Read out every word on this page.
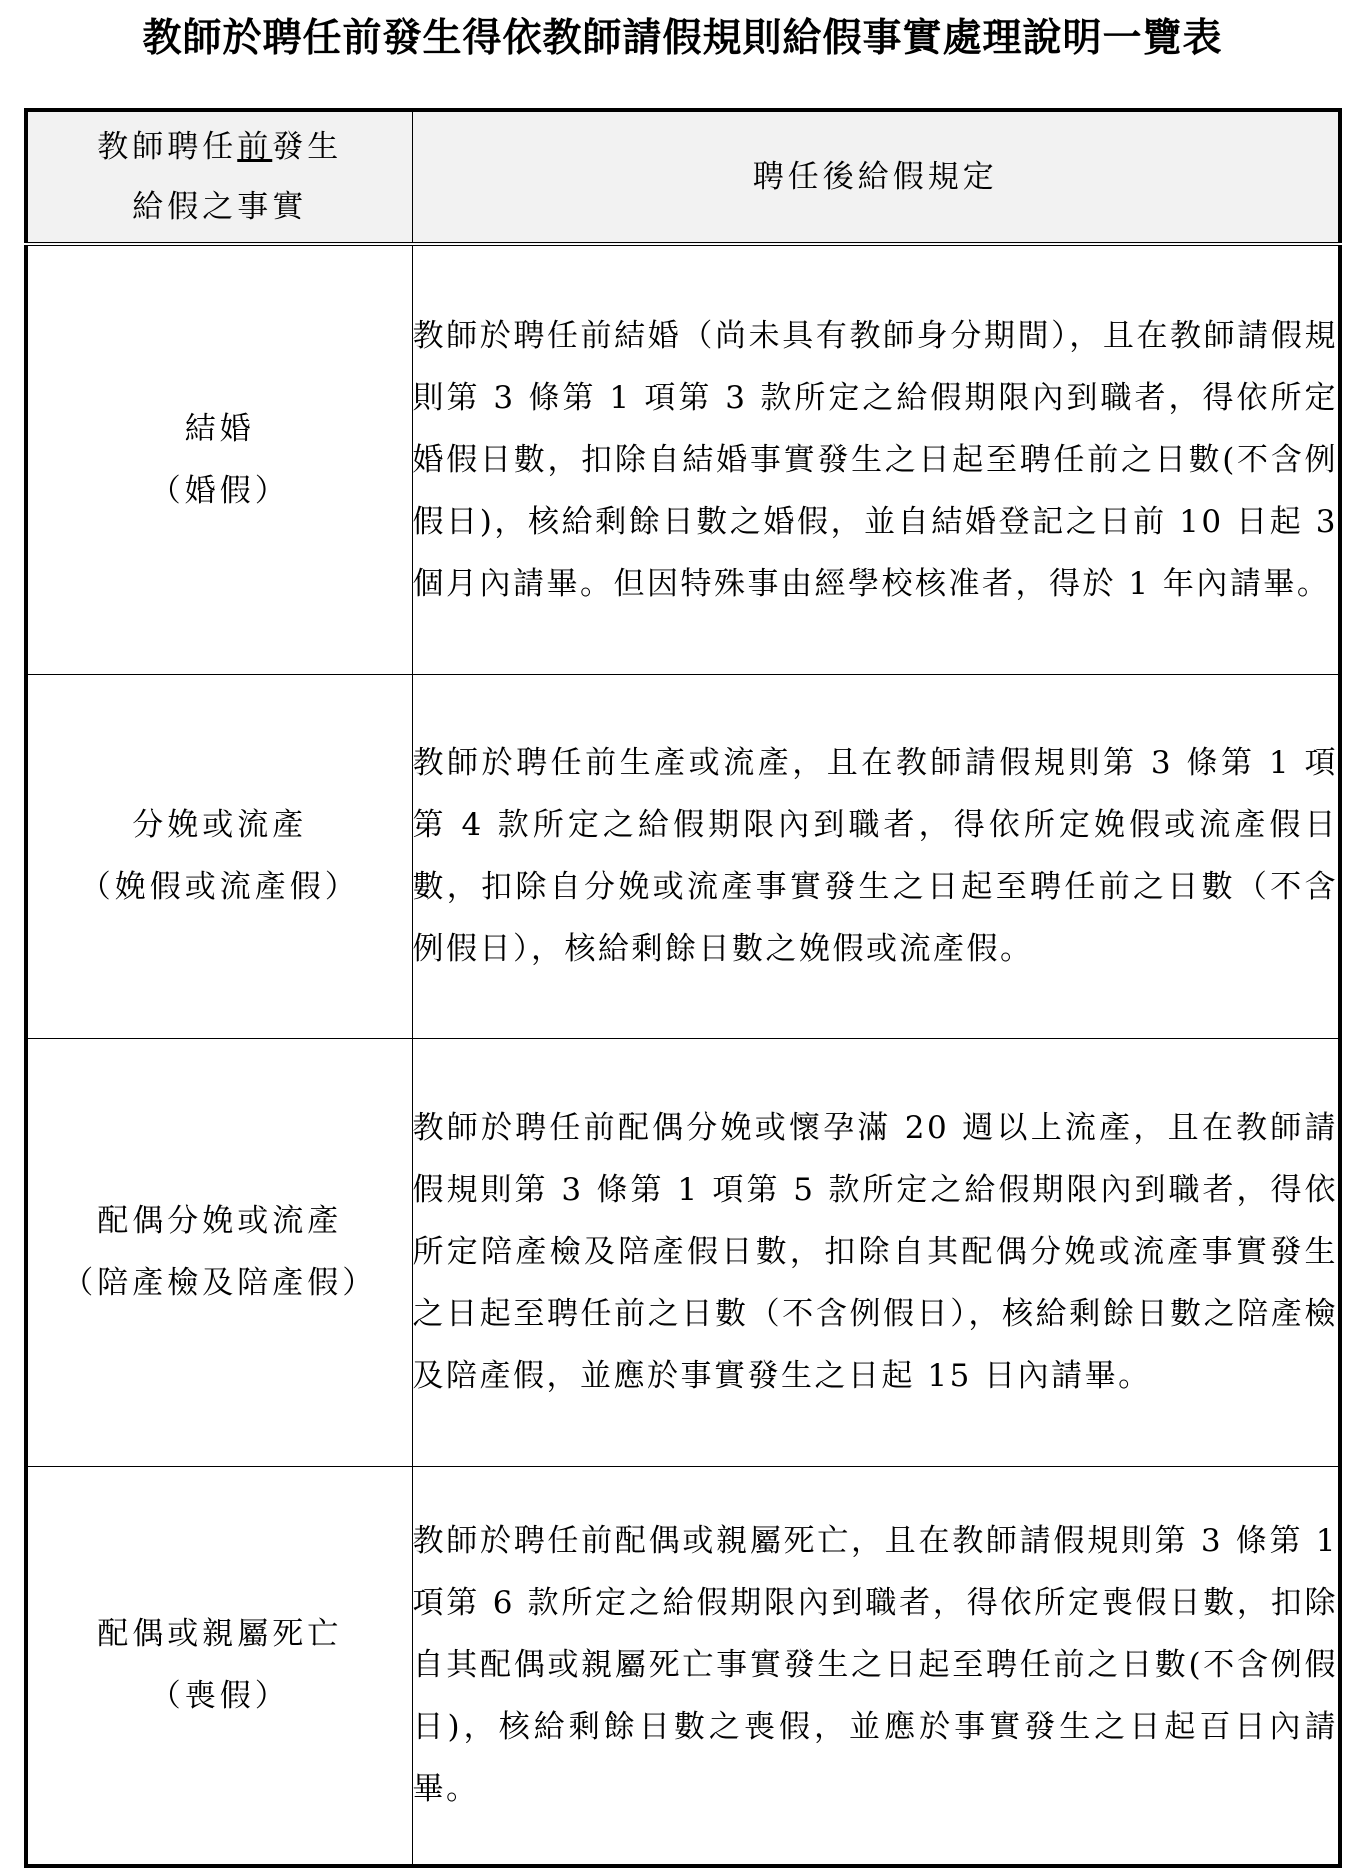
教師於聘任前發生得依教師請假規則給假事實處理說明一覽表
教師聘任前發生
給假之事實	聘任後給假規定

結婚
（婚假）	教師於聘任前結婚（尚未具有教師身分期間），且在教師請假規則第 3 條第 1 項第 3 款所定之給假期限內到職者，得依所定婚假日數，扣除自結婚事實發生之日起至聘任前之日數(不含例假日)，核給剩餘日數之婚假，並自結婚登記之日前 10 日起 3 個月內請畢。但因特殊事由經學校核准者，得於 1 年內請畢。

分娩或流產
（娩假或流產假）	教師於聘任前生產或流產，且在教師請假規則第 3 條第 1 項第 4 款所定之給假期限內到職者，得依所定娩假或流產假日數，扣除自分娩或流產事實發生之日起至聘任前之日數（不含例假日），核給剩餘日數之娩假或流產假。

配偶分娩或流產
（陪產檢及陪產假）	教師於聘任前配偶分娩或懷孕滿 20 週以上流產，且在教師請假規則第 3 條第 1 項第 5 款所定之給假期限內到職者，得依所定陪產檢及陪產假日數，扣除自其配偶分娩或流產事實發生之日起至聘任前之日數（不含例假日），核給剩餘日數之陪產檢及陪產假，並應於事實發生之日起 15 日內請畢。

配偶或親屬死亡
（喪假）	教師於聘任前配偶或親屬死亡，且在教師請假規則第 3 條第 1 項第 6 款所定之給假期限內到職者，得依所定喪假日數，扣除自其配偶或親屬死亡事實發生之日起至聘任前之日數(不含例假日)，核給剩餘日數之喪假，並應於事實發生之日起百日內請畢。
